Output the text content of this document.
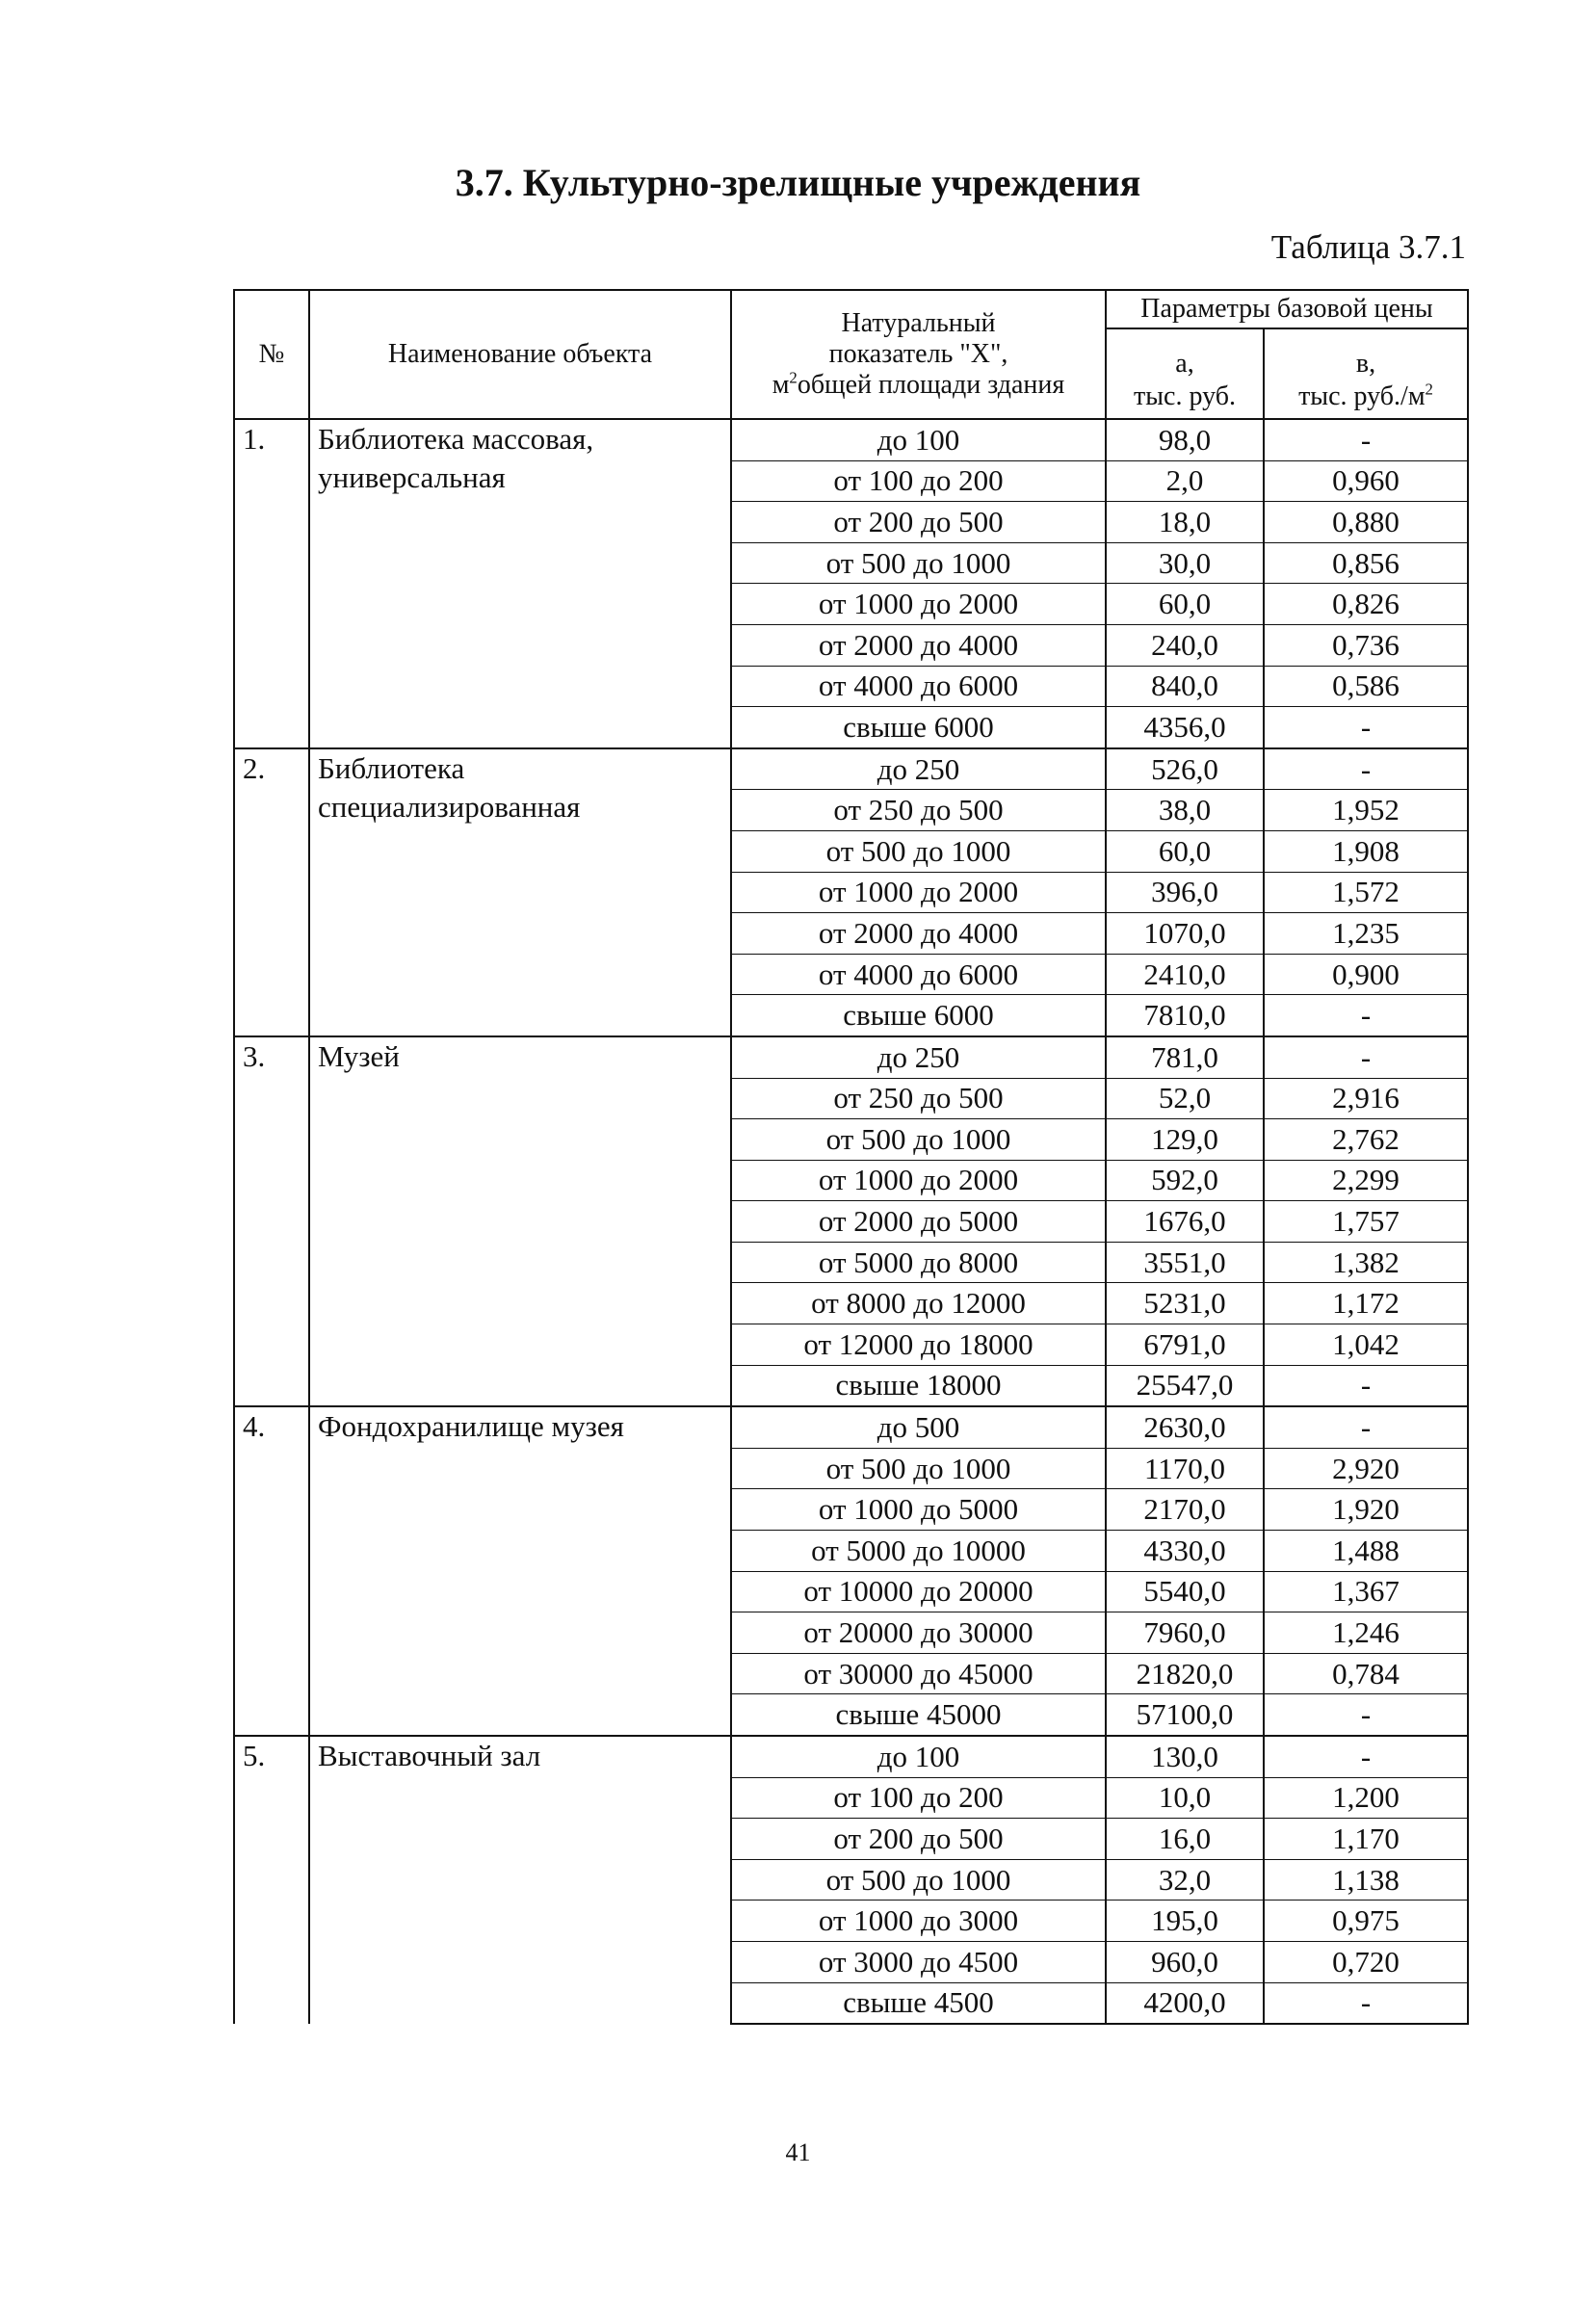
3.7. Культурно-зрелищные учреждения
Таблица 3.7.1
№	Наименование объекта	Натуральный
показатель "Х",
$м^2общей$ площади здания	Параметры базовой цены	
			а,	в,
			тыс. руб.	тыс. $руб./м^2$
1.	Библиотека массовая, универсальная	до 100	98,0	-
		от 100 до 200	2,0	0,960
		от 200 до 500	18,0	0,880
		от 500 до 1000	30,0	0,856
		от 1000 до 2000	60,0	0,826
		от 2000 до 4000	240,0	0,736
		от 4000 до 6000	840,0	0,586
		свыше 6000	4356,0	-
2.	Библиотека специализированная	до 250	526,0	-
		от 250 до 500	38,0	1,952
		от 500 до 1000	60,0	1,908
		от 1000 до 2000	396,0	1,572
		от 2000 до 4000	1070,0	1,235
		от 4000 до 6000	2410,0	0,900
		свыше 6000	7810,0	-
3.	Музей	до 250	781,0	-
		от 250 до 500	52,0	2,916
		от 500 до 1000	129,0	2,762
		от 1000 до 2000	592,0	2,299
		от 2000 до 5000	1676,0	1,757
		от 5000 до 8000	3551,0	1,382
		от 8000 до 12000	5231,0	1,172
		от 12000 до 18000	6791,0	1,042
		свыше 18000	25547,0	-
4.	Фондохранилище музея	до 500	2630,0	-
		от 500 до 1000	1170,0	2,920
		от 1000 до 5000	2170,0	1,920
		от 5000 до 10000	4330,0	1,488
		от 10000 до 20000	5540,0	1,367
		от 20000 до 30000	7960,0	1,246
		от 30000 до 45000	21820,0	0,784
		свыше 45000	57100,0	-
5.	Выставочный зал	до 100	130,0	-
		от 100 до 200	10,0	1,200
		от 200 до 500	16,0	1,170
		от 500 до 1000	32,0	1,138
		от 1000 до 3000	195,0	0,975
		от 3000 до 4500	960,0	0,720
		свыше 4500	4200,0	-
41
